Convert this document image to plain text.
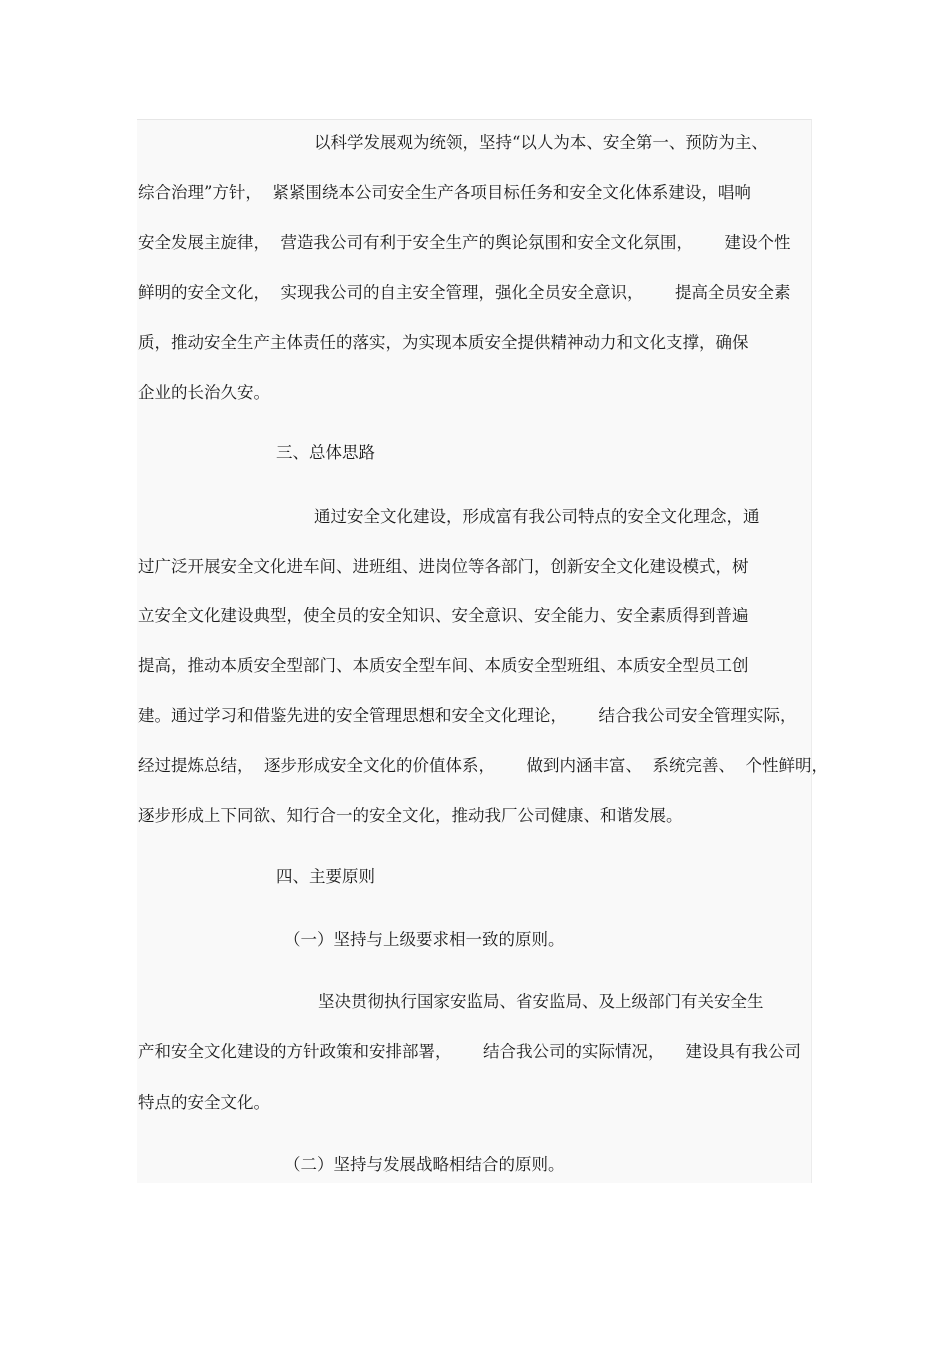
以科学发展观为统领，坚持“以人为本、安全第一、预防为主、
综合治理”方针，  紧紧围绕本公司安全生产各项目标任务和安全文化体系建设，唱响
安全发展主旋律，  营造我公司有利于安全生产的舆论氛围和安全文化氛围，      建设个性
鲜明的安全文化，  实现我公司的自主安全管理，强化全员安全意识，      提高全员安全素
质，推动安全生产主体责任的落实，为实现本质安全提供精神动力和文化支撑，确保
企业的长治久安。
三、总体思路
通过安全文化建设，形成富有我公司特点的安全文化理念，通
过广泛开展安全文化进车间、进班组、进岗位等各部门，创新安全文化建设模式，树
立安全文化建设典型，使全员的安全知识、安全意识、安全能力、安全素质得到普遍
提高，推动本质安全型部门、本质安全型车间、本质安全型班组、本质安全型员工创
建。通过学习和借鉴先进的安全管理思想和安全文化理论，      结合我公司安全管理实际，
经过提炼总结，  逐步形成安全文化的价值体系，      做到内涵丰富、  系统完善、  个性鲜明，
逐步形成上下同欲、知行合一的安全文化，推动我厂公司健康、和谐发展。
四、主要原则
（一）坚持与上级要求相一致的原则。
坚决贯彻执行国家安监局、省安监局、及上级部门有关安全生
产和安全文化建设的方针政策和安排部署，      结合我公司的实际情况，    建设具有我公司
特点的安全文化。
（二）坚持与发展战略相结合的原则。
